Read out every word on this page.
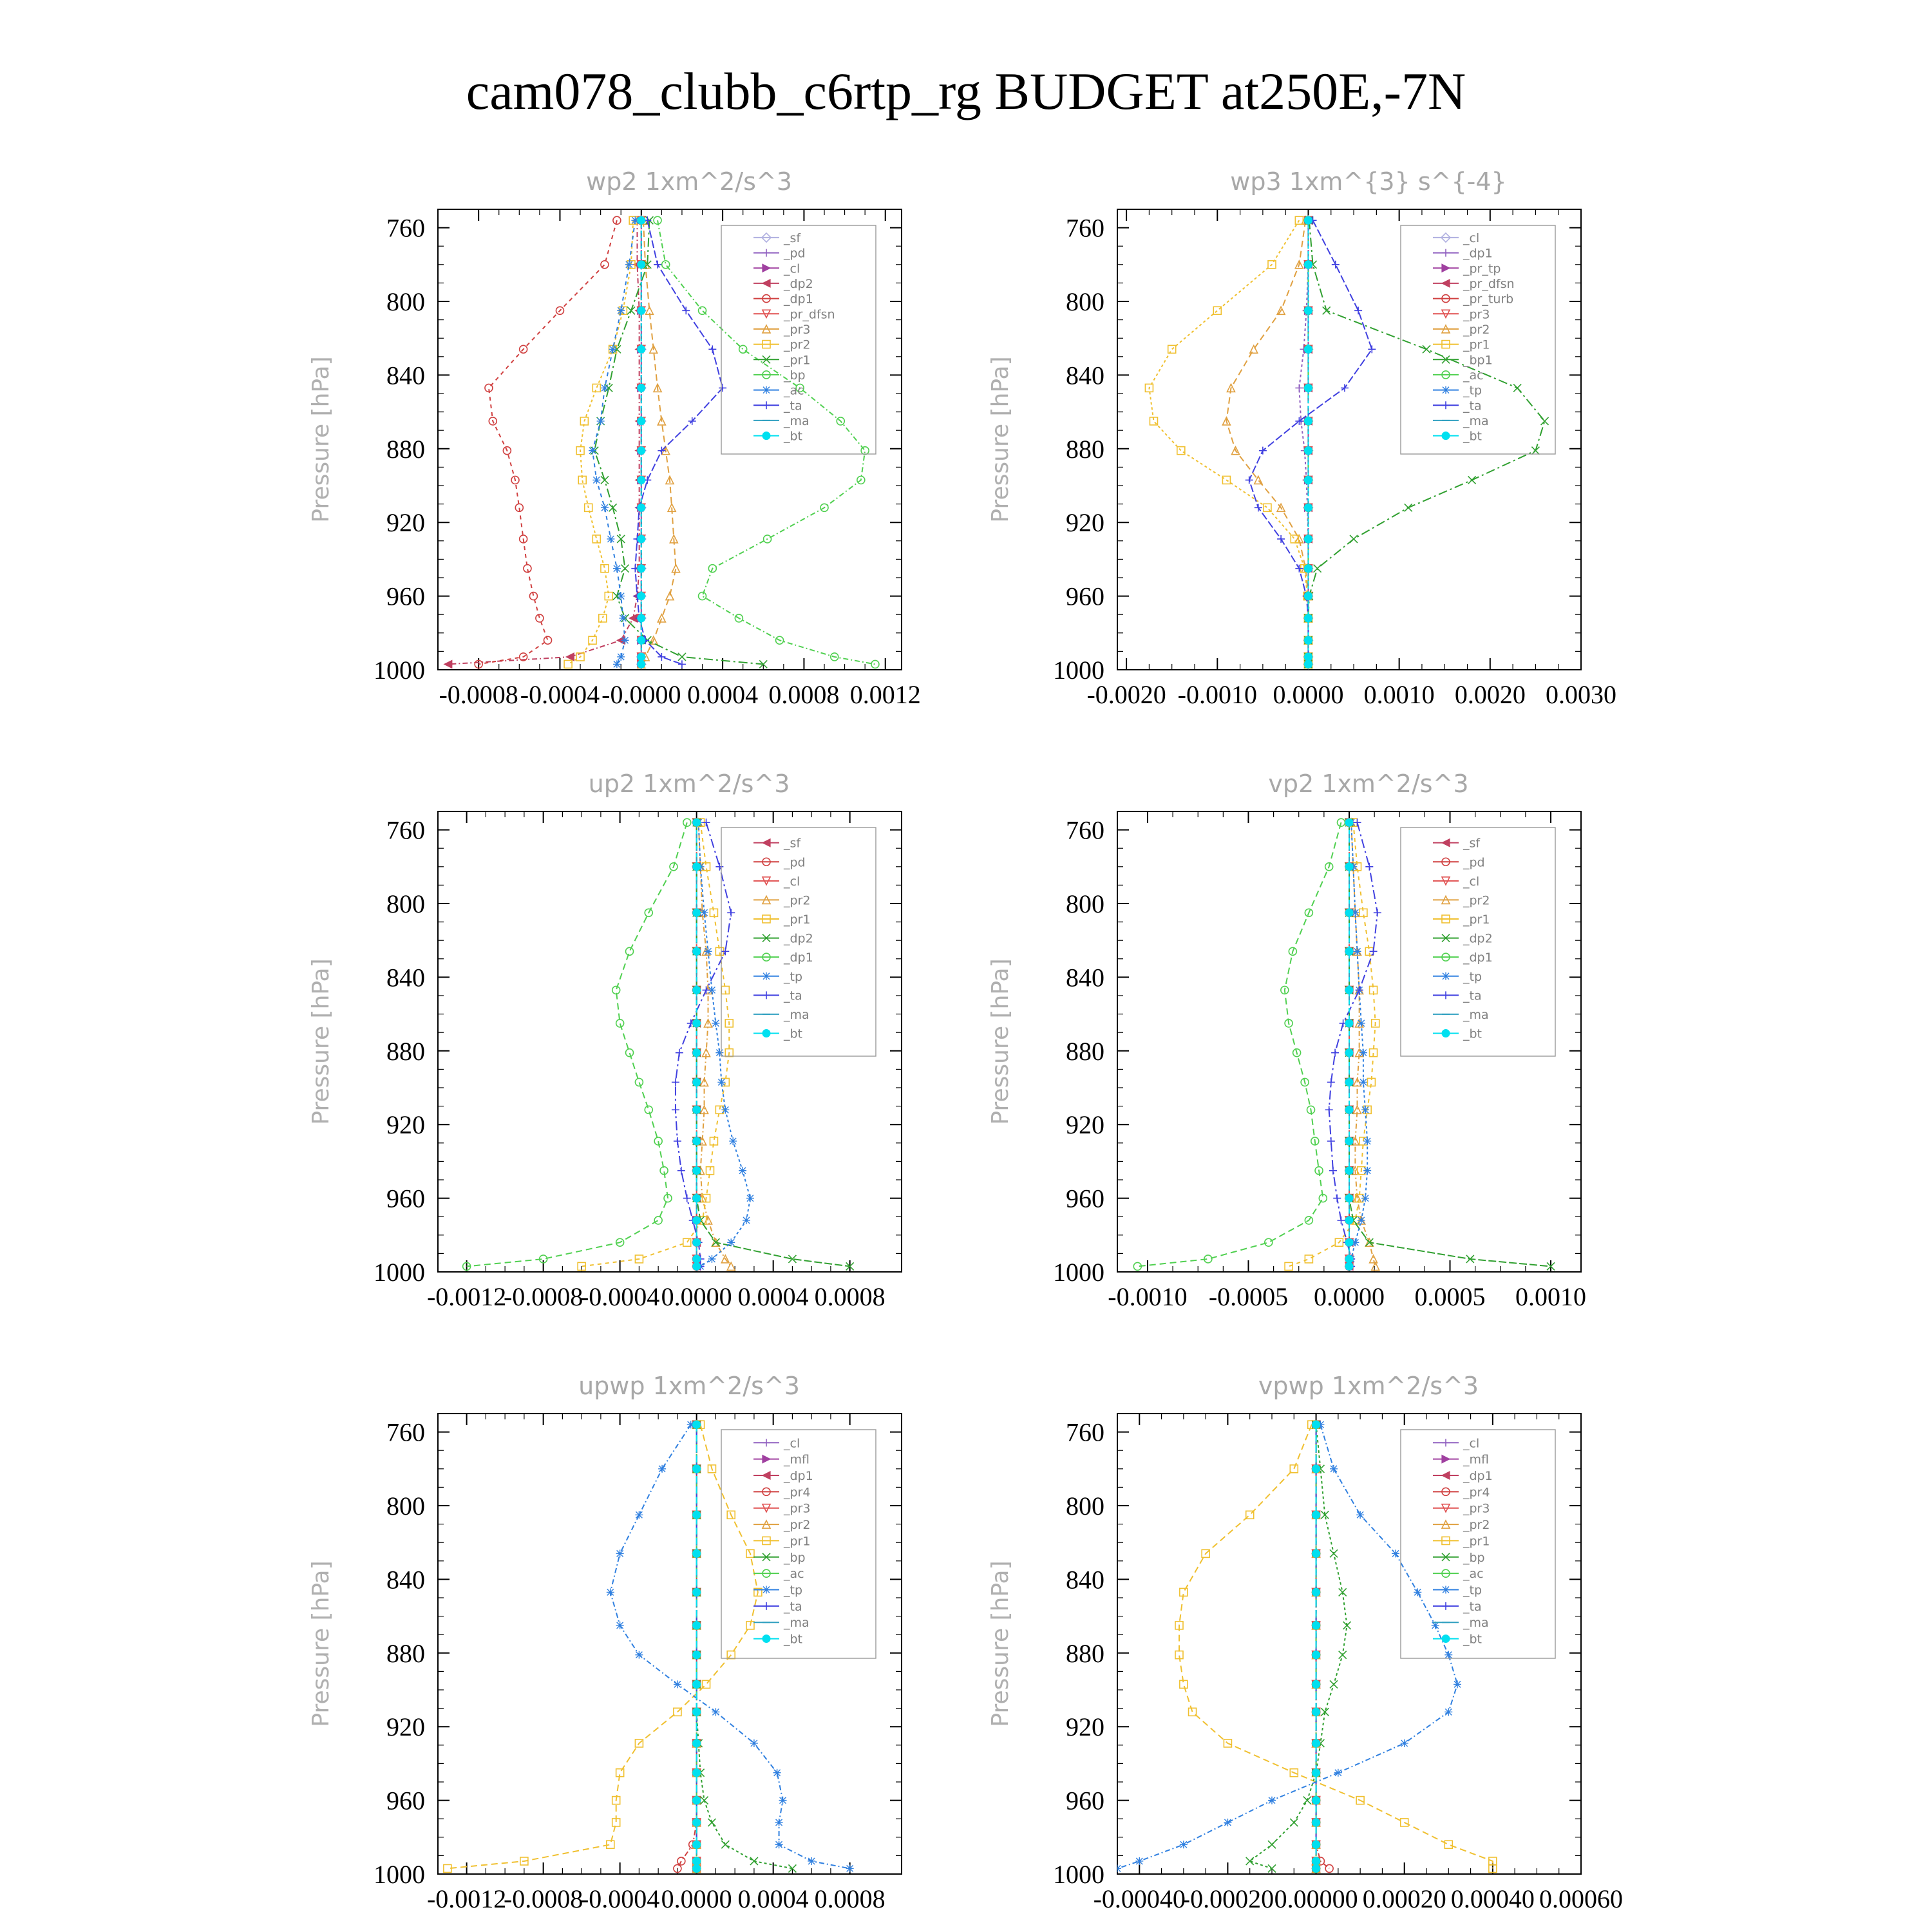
cam078_clubb_c6rtp_rg BUDGET at250E,-7N
wp2 1xm^2/s^3
Pressure [hPa]
760
800
840
880
920
960
1000
-0.0008 -0.0004 -0.0000 0.0004 0.0008 0.0012
_sf
_pd
_cl
_dp2
_dp1
_pr_dfsn
_pr3
_pr2
_pr1
_bp
_ac
_ta
_ma
_bt
wp3 1xm^{3} s^{-4}
Pressure [hPa]
760
800
840
880
920
960
1000
-0.0020 -0.0010 0.0000 0.0010 0.0020 0.0030
_cl
_dp1
_pr_tp
_pr_dfsn
_pr_turb
_pr3
_pr2
_pr1
_bp1
_ac
_tp
_ta
_ma
_bt
up2 1xm^2/s^3
Pressure [hPa]
760
800
840
880
920
960
1000
-0.0012
-0.0008
-0.0004 0.0000 0.0004 0.0008
_sf
_pd
_cl
_pr2
_pr1
_dp2
_dp1
_tp
_ta
_ma
_bt
vp2 1xm^2/s^3
Pressure [hPa]
760
800
840
880
920
960
1000
-0.0010 -0.0005 0.0000 0.0005 0.0010
_sf
_pd
_cl
_pr2
_pr1
_dp2
_dp1
_tp
_ta
_ma
_bt
upwp 1xm^2/s^3
Pressure [hPa]
760
800
840
880
920
960
1000
-0.0012
-0.0008
-0.0004 0.0000 0.0004 0.0008
_cl
_mfl
_dp1
_pr4
_pr3
_pr2
_pr1
_bp
_ac
_tp
_ta
_ma
_bt
vpwp 1xm^2/s^3
Pressure [hPa]
760
800
840
880
920
960
1000
-0.00040
-0.00020 0.00000 0.00020 0.00040 0.00060
_cl
_mfl
_dp1
_pr4
_pr3
_pr2
_pr1
_bp
_ac
_tp
_ta
_ma
_bt
